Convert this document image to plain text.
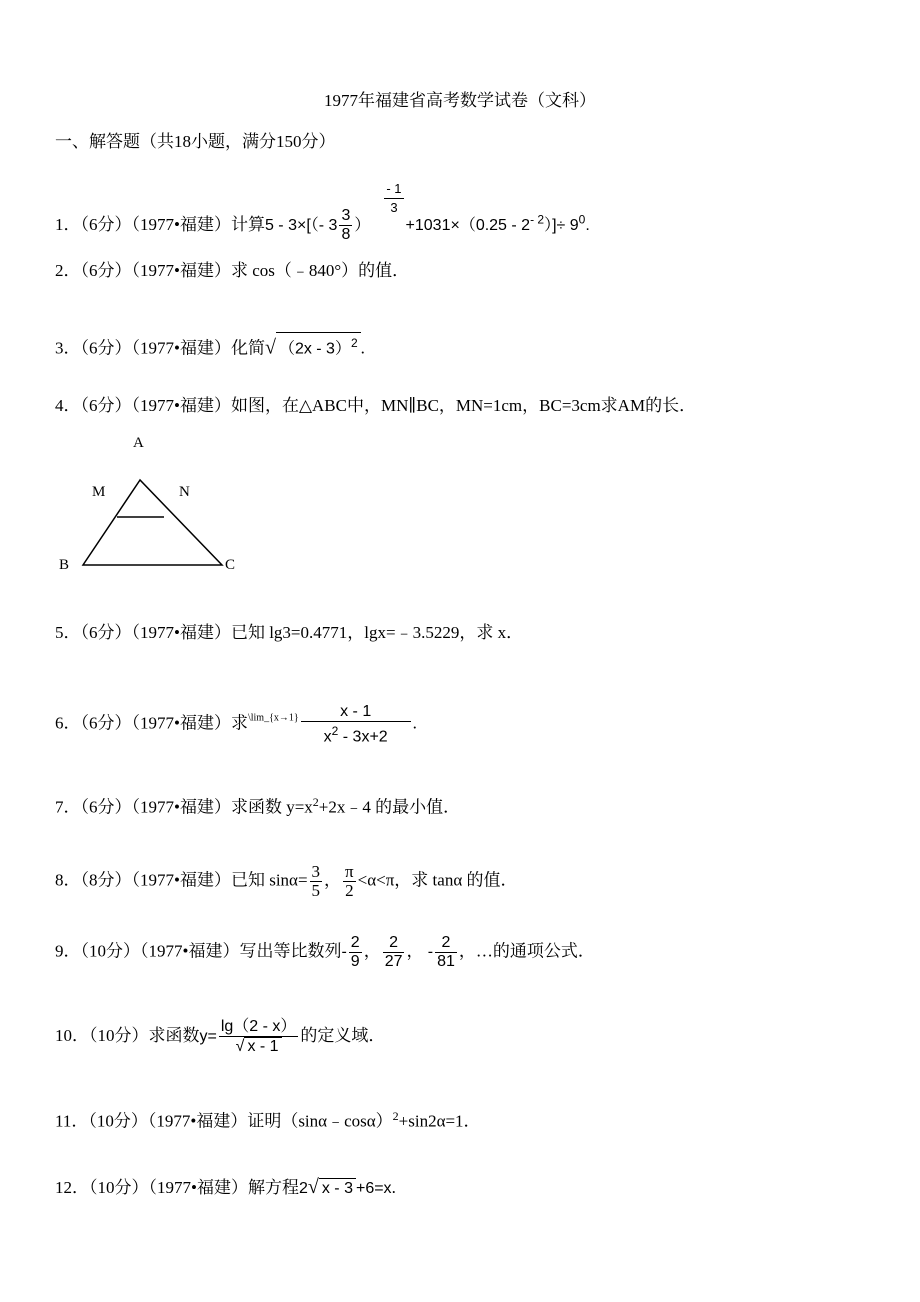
1977年福建省高考数学试卷（文科）
一、解答题（共18小题，满分150分）
1．（6分）（1977•福建）计算5 - 3×[（- $3 \frac{3}{8}$ ）
$\frac{- 1}{3}$
$+1031\times(0.25 - 2^{- 2})]\div 9^0$.
2．（6分）（1977•福建）求 cos（﹣840°）的值．
3．（6分）（1977•福建）化简√ （2x - 3）$^2$ .
4．（6分）（1977•福建）如图，在△ABC中，MN∥BC，MN=1cm，BC=3cm求AM的长．
A
M	N
B	C
5．（6分）（1977•福建）已知 lg3=0.4771，lgx=﹣3.5229，求 x．
6．（6分）（1977•福建）求$^{\backslash lim\_\{x\to 1\}} \frac{x - 1}{x^2 - 3x+2}$ .
7．（6分）（1977•福建）求函数 $y=x^2+2x﹣4$ 的最小值．
8．（8分）（1977•福建）已知 $\sin\alpha= \frac{3}{5}$ ， $\frac{\pi}{2} <\alpha<\pi$，求 tanα 的值．
9．（10分）（1977•福建）写出等比数列- $\frac{2}{9}$ ， $\frac{2}{27}$ ， - $\frac{2}{81}$ ，…的通项公式．
10．（10分）求函数$y= \frac{\lg(2 - x)}{√ x - 1}$ 的定义域．
11．（10分）（1977•福建）证明（sinα﹣cosα）$^2$+sin2α=1．
12．（10分）（1977•福建）解方程2√ x - 3 +6=x.
